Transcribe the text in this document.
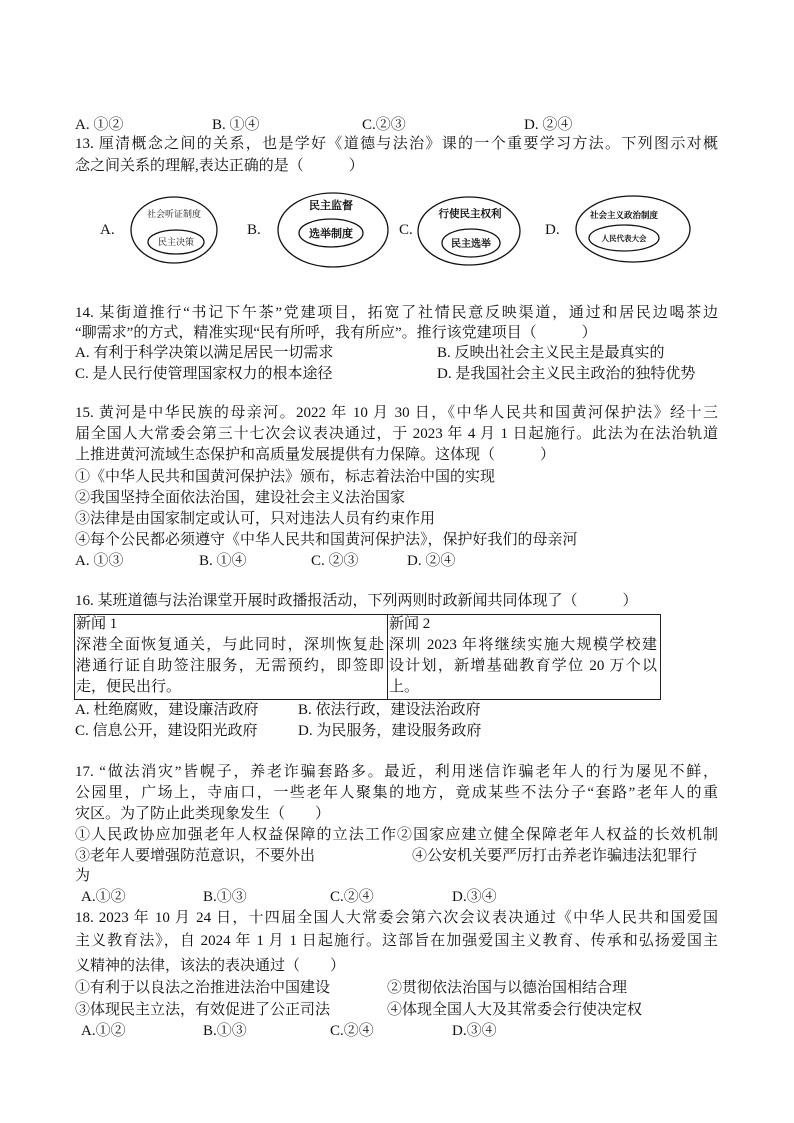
A. ①②	B. ①④	C.②③	D. ②④
13. 厘清概念之间的关系，也是学好《道德与法治》课的一个重要学习方法。下列图示对概
念之间关系的理解,表达正确的是（　　　）
A.
社会听证制度
民主决策
B.
民主监督
选举制度	C.
行使民主权利
民主选举
D.
社会主义政治制度
人民代表大会
14. 某街道推行“书记下午茶”党建项目，拓宽了社情民意反映渠道，通过和居民边喝茶边
“聊需求”的方式，精准实现“民有所呼，我有所应”。推行该党建项目（　　　）
A. 有利于科学决策以满足居民一切需求	B. 反映出社会主义民主是最真实的
C. 是人民行使管理国家权力的根本途径	D. 是我国社会主义民主政治的独特优势
15. 黄河是中华民族的母亲河。2022 年 10 月 30 日，《中华人民共和国黄河保护法》经十三
届全国人大常委会第三十七次会议表决通过，于 2023 年 4 月 1 日起施行。此法为在法治轨道
上推进黄河流域生态保护和高质量发展提供有力保障。这体现（　　　）
①《中华人民共和国黄河保护法》颁布，标志着法治中国的实现
②我国坚持全面依法治国，建设社会主义法治国家
③法律是由国家制定或认可，只对违法人员有约束作用
④每个公民都必须遵守《中华人民共和国黄河保护法》，保护好我们的母亲河
A. ①③	B. ①④	C. ②③	D. ②④
16. 某班道德与法治课堂开展时政播报活动，下列两则时政新闻共同体现了（　　　）
新闻 1
深港全面恢复通关，与此同时，深圳恢复赴
港通行证自助签注服务，无需预约，即签即
走，便民出行。
新闻 2
深圳 2023 年将继续实施大规模学校建
设计划，新增基础教育学位 20 万个以
上。
A. 杜绝腐败，建设廉洁政府	B. 依法行政，建设法治政府
C. 信息公开，建设阳光政府	D. 为民服务，建设服务政府
17. “做法消灾”皆幌子，养老诈骗套路多。最近，利用迷信诈骗老年人的行为屡见不鲜，
公园里，广场上，寺庙口，一些老年人聚集的地方，竟成某些不法分子“套路”老年人的重
灾区。为了防止此类现象发生（　　）
①人民政协应加强老年人权益保障的立法工作②国家应建立健全保障老年人权益的长效机制
③老年人要增强防范意识，不要外出	④公安机关要严厉打击养老诈骗违法犯罪行
为
A.①②	B.①③	C.②④	D.③④
18. 2023 年 10 月 24 日，十四届全国人大常委会第六次会议表决通过《中华人民共和国爱国
主义教育法》，自 2024 年 1 月 1 日起施行。这部旨在加强爱国主义教育、传承和弘扬爱国主
义精神的法律，该法的表决通过（　　）
①有利于以良法之治推进法治中国建设	②贯彻依法治国与以德治国相结合理
③体现民主立法，有效促进了公正司法	④体现全国人大及其常委会行使决定权
A.①②	B.①③	C.②④	D.③④
